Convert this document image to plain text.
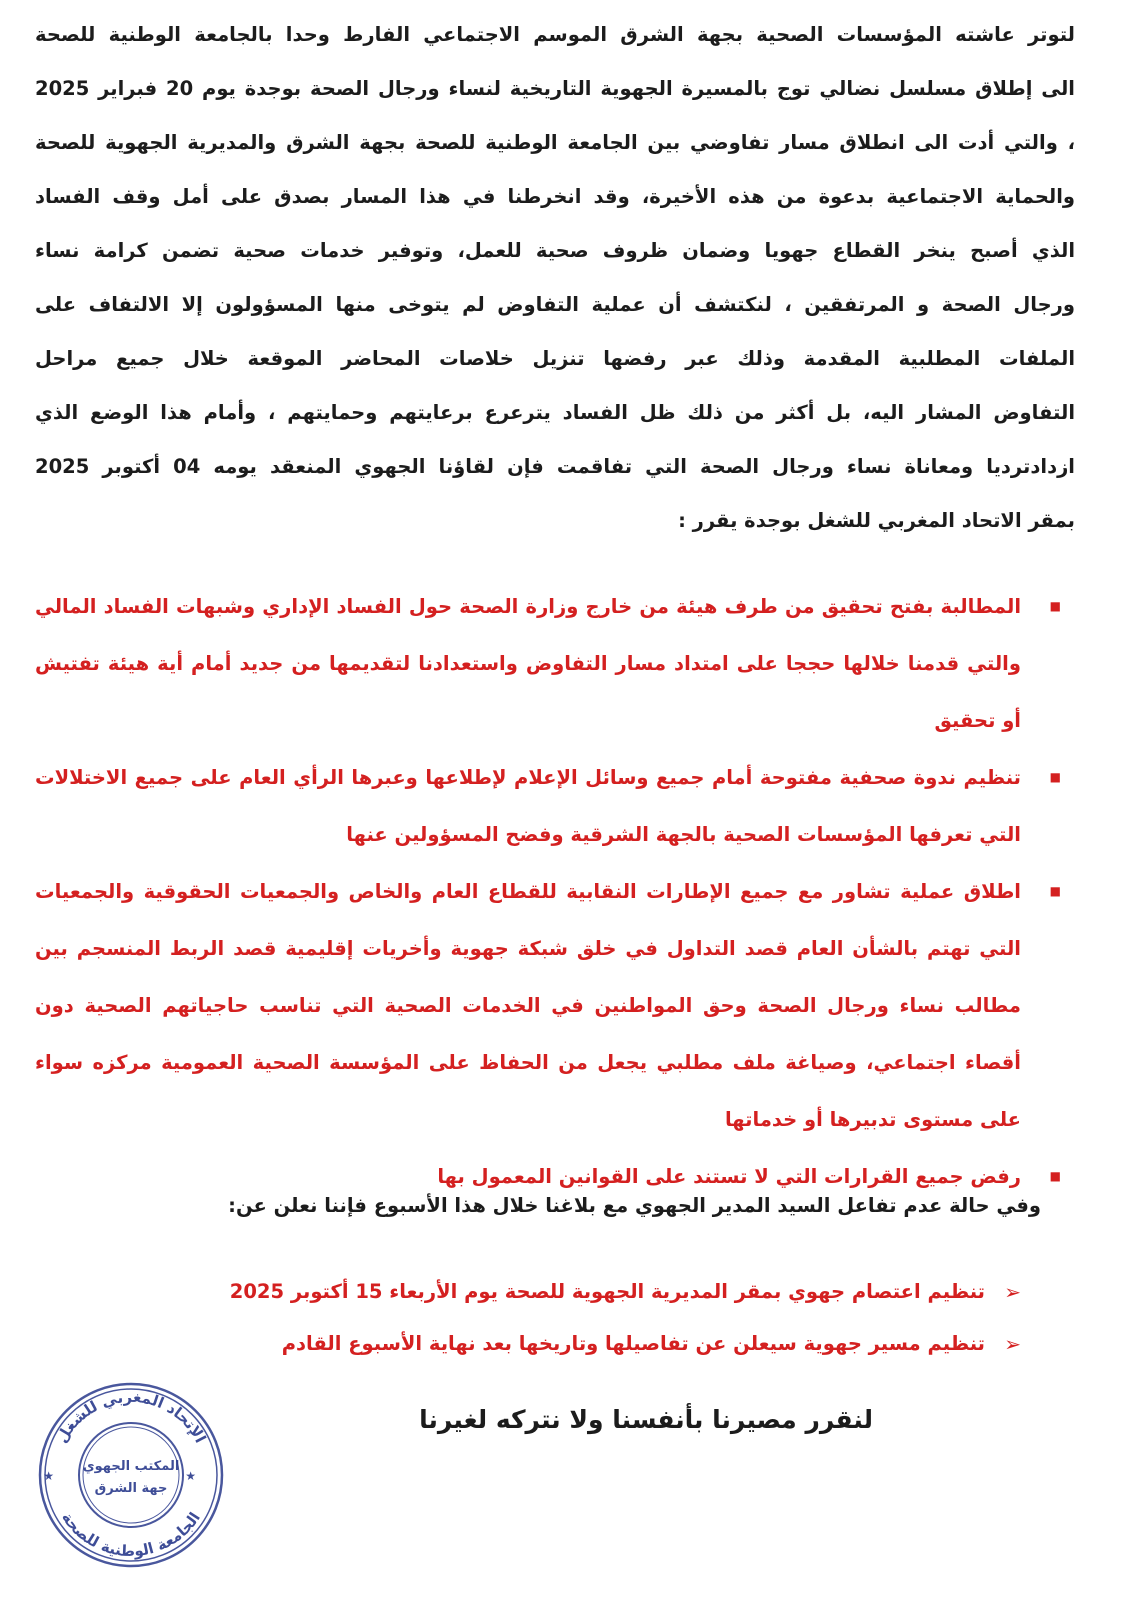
لتوتر عاشته المؤسسات الصحية بجهة الشرق الموسم الاجتماعي الفارط وحدا بالجامعة الوطنية للصحة
الى إطلاق مسلسل نضالي توج بالمسيرة الجهوية التاريخية لنساء ورجال الصحة بوجدة يوم 20 فبراير 2025
، والتي أدت الى انطلاق مسار تفاوضي بين الجامعة الوطنية للصحة بجهة الشرق والمديرية الجهوية للصحة
والحماية الاجتماعية بدعوة من هذه الأخيرة، وقد انخرطنا في هذا المسار بصدق على أمل وقف الفساد
الذي أصبح ينخر القطاع جهويا وضمان ظروف صحية للعمل، وتوفير خدمات صحية تضمن كرامة نساء
ورجال الصحة و المرتفقين ، لنكتشف أن عملية التفاوض لم يتوخى منها المسؤولون إلا الالتفاف على
الملفات المطلبية المقدمة وذلك عبر رفضها تنزيل خلاصات المحاضر الموقعة خلال جميع مراحل
التفاوض المشار اليه، بل أكثر من ذلك ظل الفساد يترعرع برعايتهم وحمايتهم ، وأمام هذا الوضع الذي
ازدادترديا ومعاناة نساء ورجال الصحة التي تفاقمت فإن لقاؤنا الجهوي المنعقد يومه 04 أكتوبر 2025
بمقر الاتحاد المغربي للشغل بوجدة يقرر :
■
المطالبة بفتح تحقيق من طرف هيئة من خارج وزارة الصحة حول الفساد الإداري وشبهات الفساد المالي والتي قدمنا خلالها حججا على امتداد مسار التفاوض واستعدادنا لتقديمها من جديد أمام أية هيئة تفتيش أو تحقيق
■
تنظيم ندوة صحفية مفتوحة أمام جميع وسائل الإعلام لإطلاعها وعبرها الرأي العام على جميع الاختلالات التي تعرفها المؤسسات الصحية بالجهة الشرقية وفضح المسؤولين عنها
■
اطلاق عملية تشاور مع جميع الإطارات النقابية للقطاع العام والخاص والجمعيات الحقوقية والجمعيات التي تهتم بالشأن العام قصد التداول في خلق شبكة جهوية وأخريات إقليمية قصد الربط المنسجم بين مطالب نساء ورجال الصحة وحق المواطنين في الخدمات الصحية التي تناسب حاجياتهم الصحية دون أقصاء اجتماعي، وصياغة ملف مطلبي يجعل من الحفاظ على المؤسسة الصحية العمومية مركزه سواء على مستوى تدبيرها أو خدماتها
■
رفض جميع القرارات التي لا تستند على القوانين المعمول بها
وفي حالة عدم تفاعل السيد المدير الجهوي مع بلاغنا خلال هذا الأسبوع فإننا نعلن عن:
➢
تنظيم اعتصام جهوي بمقر المديرية الجهوية للصحة يوم الأربعاء 15 أكتوبر 2025
➢
تنظيم مسير جهوية سيعلن عن تفاصيلها وتاريخها بعد نهاية الأسبوع القادم
لنقرر مصيرنا بأنفسنا ولا نتركه لغيرنا
الإتحاد المغربي للشغل
الجامعة الوطنية للصحة
المكتب الجهوي
جهة الشرق
★	★
